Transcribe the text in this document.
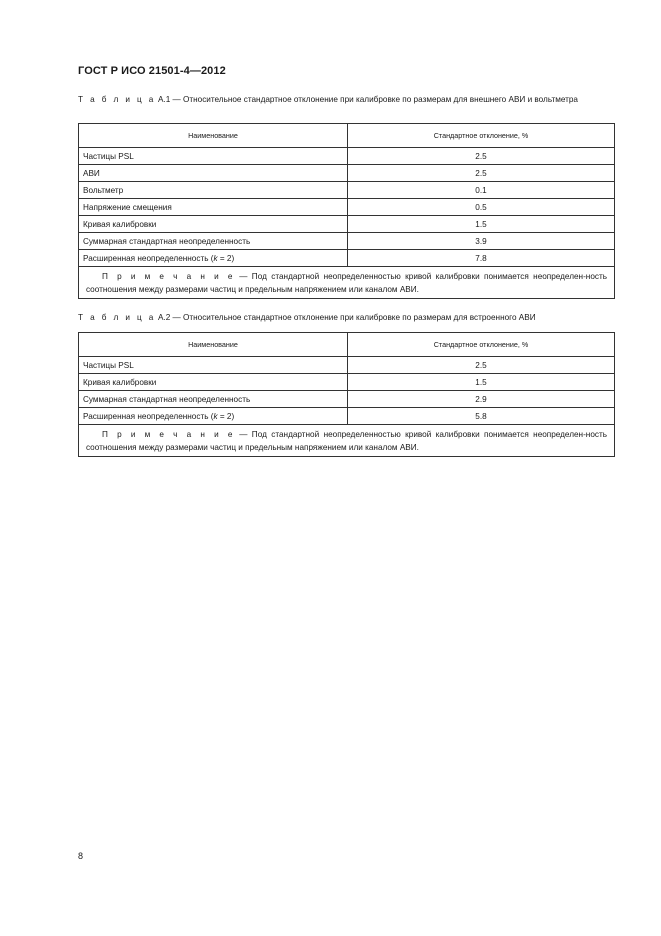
ГОСТ Р ИСО 21501-4—2012
Т а б л и ц а А.1 — Относительное стандартное отклонение при калибровке по размерам для внешнего АВИ и вольтметра
Наименование	Стандартное отклонение, %
Частицы PSL	2.5
АВИ	2.5
Вольтметр	0.1
Напряжение смещения	0.5
Кривая калибровки	1.5
Суммарная стандартная неопределенность	3.9
Расширенная неопределенность (k = 2)	7.8
П р и м е ч а н и е — Под стандартной неопределенностью кривой калибровки понимается неопределен-ность соотношения между размерами частиц и предельным напряжением или каналом АВИ.	
Т а б л и ц а А.2 — Относительное стандартное отклонение при калибровке по размерам для встроенного АВИ
Наименование	Стандартное отклонение, %
Частицы PSL	2.5
Кривая калибровки	1.5
Суммарная стандартная неопределенность	2.9
Расширенная неопределенность (k = 2)	5.8
П р и м е ч а н и е — Под стандартной неопределенностью кривой калибровки понимается неопределен-ность соотношения между размерами частиц и предельным напряжением или каналом АВИ.	
8
